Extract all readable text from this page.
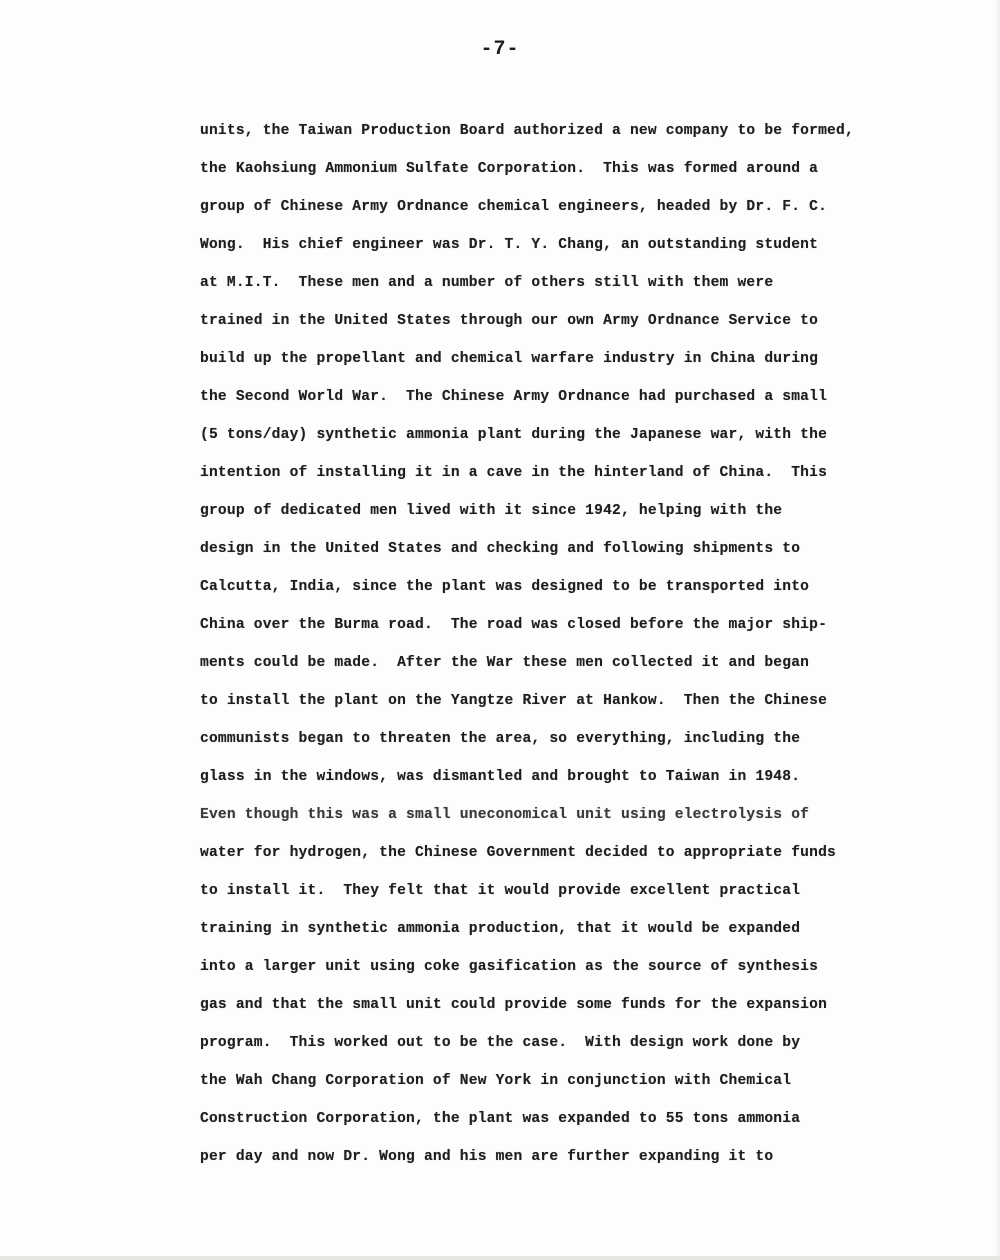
-7-
units, the Taiwan Production Board authorized a new company to be formed,
the Kaohsiung Ammonium Sulfate Corporation.  This was formed around a
group of Chinese Army Ordnance chemical engineers, headed by Dr. F. C.
Wong.  His chief engineer was Dr. T. Y. Chang, an outstanding student
at M.I.T.  These men and a number of others still with them were
trained in the United States through our own Army Ordnance Service to
build up the propellant and chemical warfare industry in China during
the Second World War.  The Chinese Army Ordnance had purchased a small
(5 tons/day) synthetic ammonia plant during the Japanese war, with the
intention of installing it in a cave in the hinterland of China.  This
group of dedicated men lived with it since 1942, helping with the
design in the United States and checking and following shipments to
Calcutta, India, since the plant was designed to be transported into
China over the Burma road.  The road was closed before the major ship-
ments could be made.  After the War these men collected it and began
to install the plant on the Yangtze River at Hankow.  Then the Chinese
communists began to threaten the area, so everything, including the
glass in the windows, was dismantled and brought to Taiwan in 1948.
Even though this was a small uneconomical unit using electrolysis of
water for hydrogen, the Chinese Government decided to appropriate funds
to install it.  They felt that it would provide excellent practical
training in synthetic ammonia production, that it would be expanded
into a larger unit using coke gasification as the source of synthesis
gas and that the small unit could provide some funds for the expansion
program.  This worked out to be the case.  With design work done by
the Wah Chang Corporation of New York in conjunction with Chemical
Construction Corporation, the plant was expanded to 55 tons ammonia
per day and now Dr. Wong and his men are further expanding it to
